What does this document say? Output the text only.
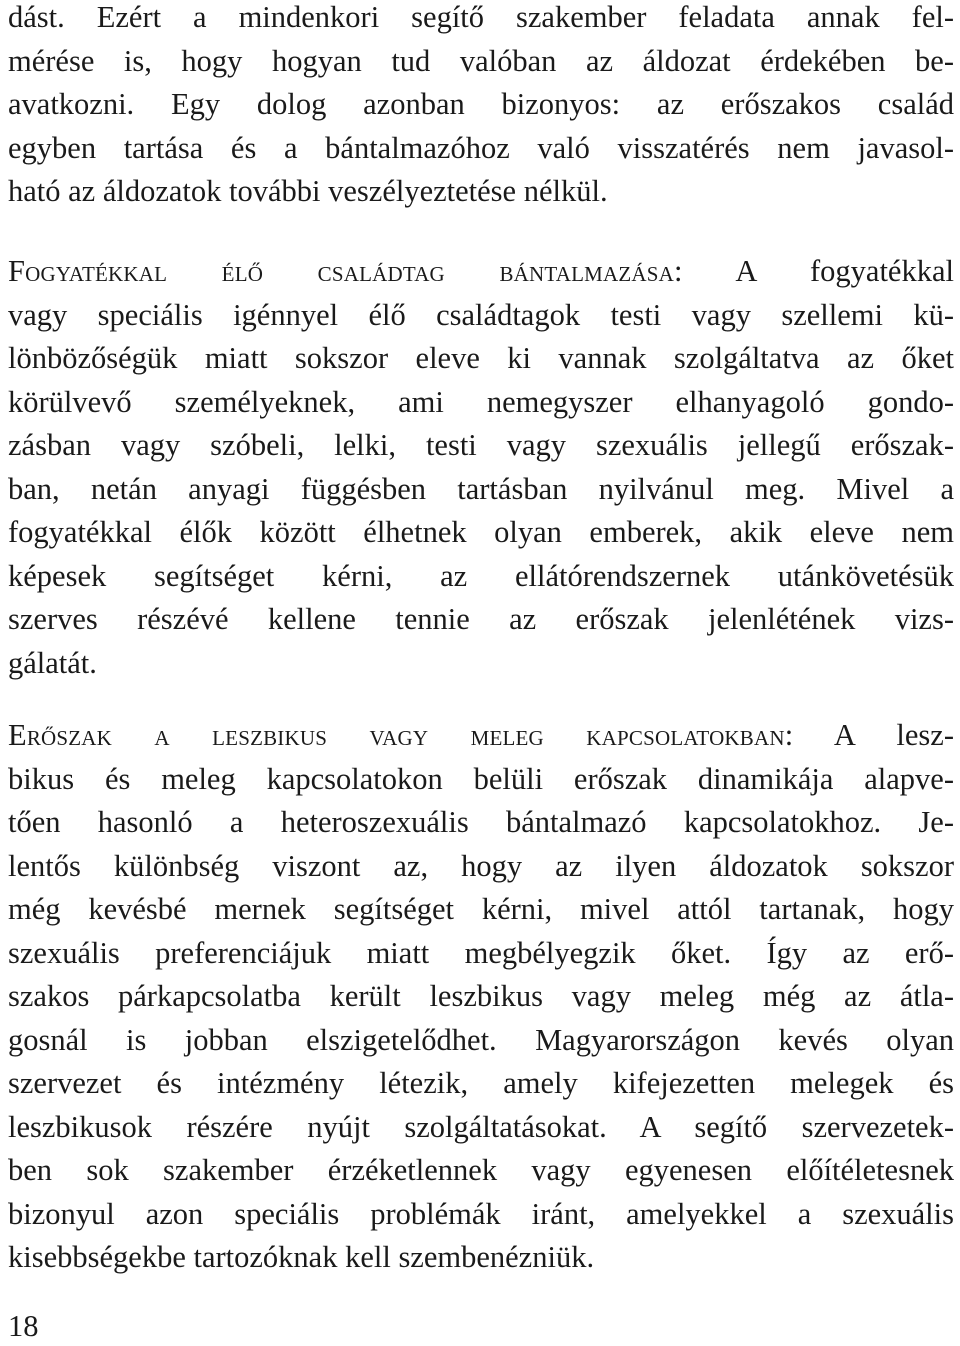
dást. Ezért a mindenkori segítő szakember feladata annak fel-
mérése is, hogy hogyan tud valóban az áldozat érdekében be-
avatkozni. Egy dolog azonban bizonyos: az erőszakos család
egyben tartása és a bántalmazóhoz való visszatérés nem javasol-
ható az áldozatok további veszélyeztetése nélkül.

Fogyatékkal élő családtag bántalmazása: A fogyatékkal
vagy speciális igénnyel élő családtagok testi vagy szellemi kü-
lönbözőségük miatt sokszor eleve ki vannak szolgáltatva az őket
körülvevő személyeknek, ami nemegyszer elhanyagoló gondo-
zásban vagy szóbeli, lelki, testi vagy szexuális jellegű erőszak-
ban, netán anyagi függésben tartásban nyilvánul meg. Mivel a
fogyatékkal élők között élhetnek olyan emberek, akik eleve nem
képesek segítséget kérni, az ellátórendszernek utánkövetésük
szerves részévé kellene tennie az erőszak jelenlétének vizs-
gálatát.

Erőszak a leszbikus vagy meleg kapcsolatokban: A lesz-
bikus és meleg kapcsolatokon belüli erőszak dinamikája alapve-
tően hasonló a heteroszexuális bántalmazó kapcsolatokhoz. Je-
lentős különbség viszont az, hogy az ilyen áldozatok sokszor
még kevésbé mernek segítséget kérni, mivel attól tartanak, hogy
szexuális preferenciájuk miatt megbélyegzik őket. Így az erő-
szakos párkapcsolatba került leszbikus vagy meleg még az átla-
gosnál is jobban elszigetelődhet. Magyarországon kevés olyan
szervezet és intézmény létezik, amely kifejezetten melegek és
leszbikusok részére nyújt szolgáltatásokat. A segítő szervezetek-
ben sok szakember érzéketlennek vagy egyenesen előítéletesnek
bizonyul azon speciális problémák iránt, amelyekkel a szexuális
kisebbségekbe tartozóknak kell szembenézniük.

18
